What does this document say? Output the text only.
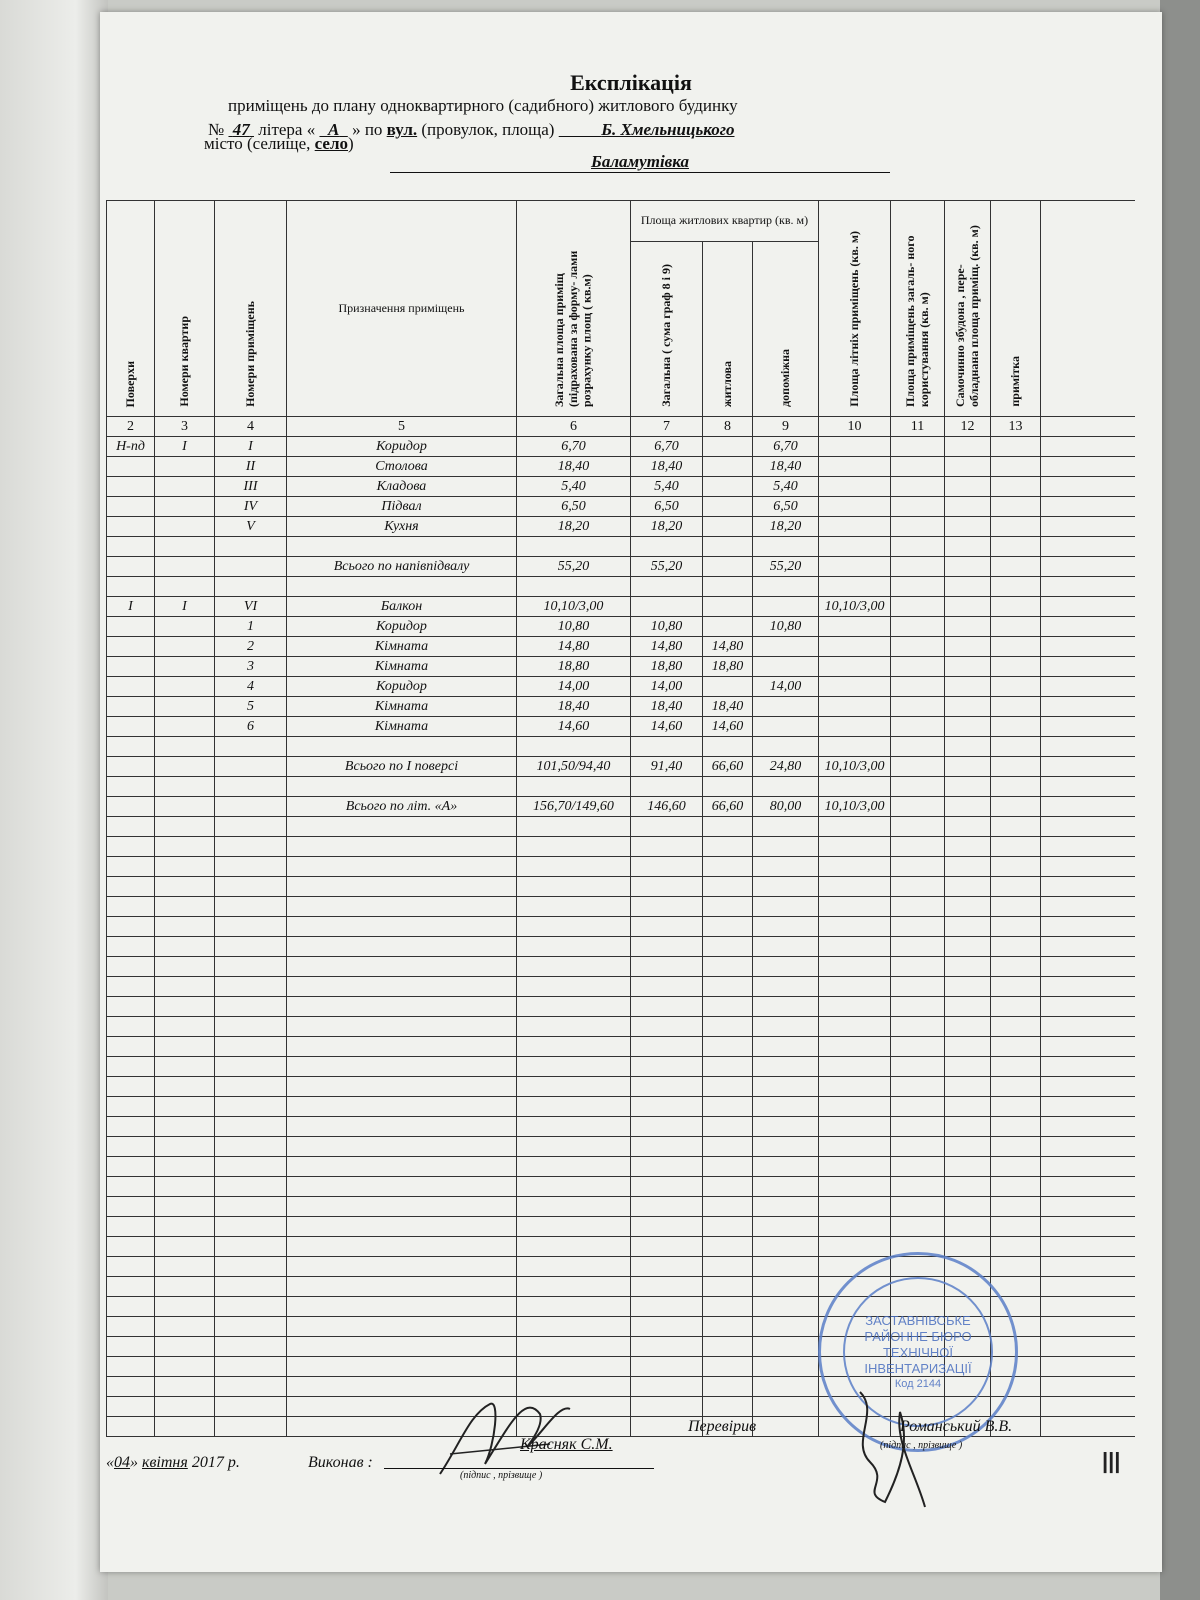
Експлікація
приміщень до плану одноквартирного (садибного) житлового будинку
№ 47 літера « А » по вул. (провулок, площа)	Б. Хмельницького
місто (селище, село)
Баламутівка
Поверхи	Номери квартир	Номери приміщень	Призначення приміщень	Загальна площа приміщ (підрахована за форму- лами розрахунку площ ( кв.м)	Площа житлових квартир (кв. м)			Площа літніх приміщень (кв. м)	Площа приміщень загаль- ного користування (кв. м)	Самочинно збудона , пере- обладнана площа приміщ. (кв. м)	примітка	
					Загальна ( сума граф 8 і 9)	житлова	допоміжна					
2	3	4	5	6	7	8	9	10	11	12	13	
Н-пд	I	I	Коридор	6,70	6,70		6,70					
		II	Столова	18,40	18,40		18,40					
		III	Кладова	5,40	5,40		5,40					
		IV	Підвал	6,50	6,50		6,50					
		V	Кухня	18,20	18,20		18,20					

			Всього по напівпідвалу	55,20	55,20		55,20					

I	I	VI	Балкон	10,10/3,00				10,10/3,00				
		1	Коридор	10,80	10,80		10,80					
		2	Кімната	14,80	14,80	14,80						
		3	Кімната	18,80	18,80	18,80						
		4	Коридор	14,00	14,00		14,00					
		5	Кімната	18,40	18,40	18,40						
		6	Кімната	14,60	14,60	14,60						

			Всього по I поверсі	101,50/94,40	91,40	66,60	24,80	10,10/3,00				

			Всього по літ. «А»	156,70/149,60	146,60	66,60	80,00	10,10/3,00				

ЗАСТАВНІВСЬКЕ
РАЙОННЕ БЮРО
ТЕХНІЧНОЇ
ІНВЕНТАРИЗАЦІЇ
Код 2144
«04» квітня 2017 р.	Виконав :
Красняк С.М.
(підпис , прізвище )
Перевірив	Романський В.В.
(підпис , прізвище )
|||
